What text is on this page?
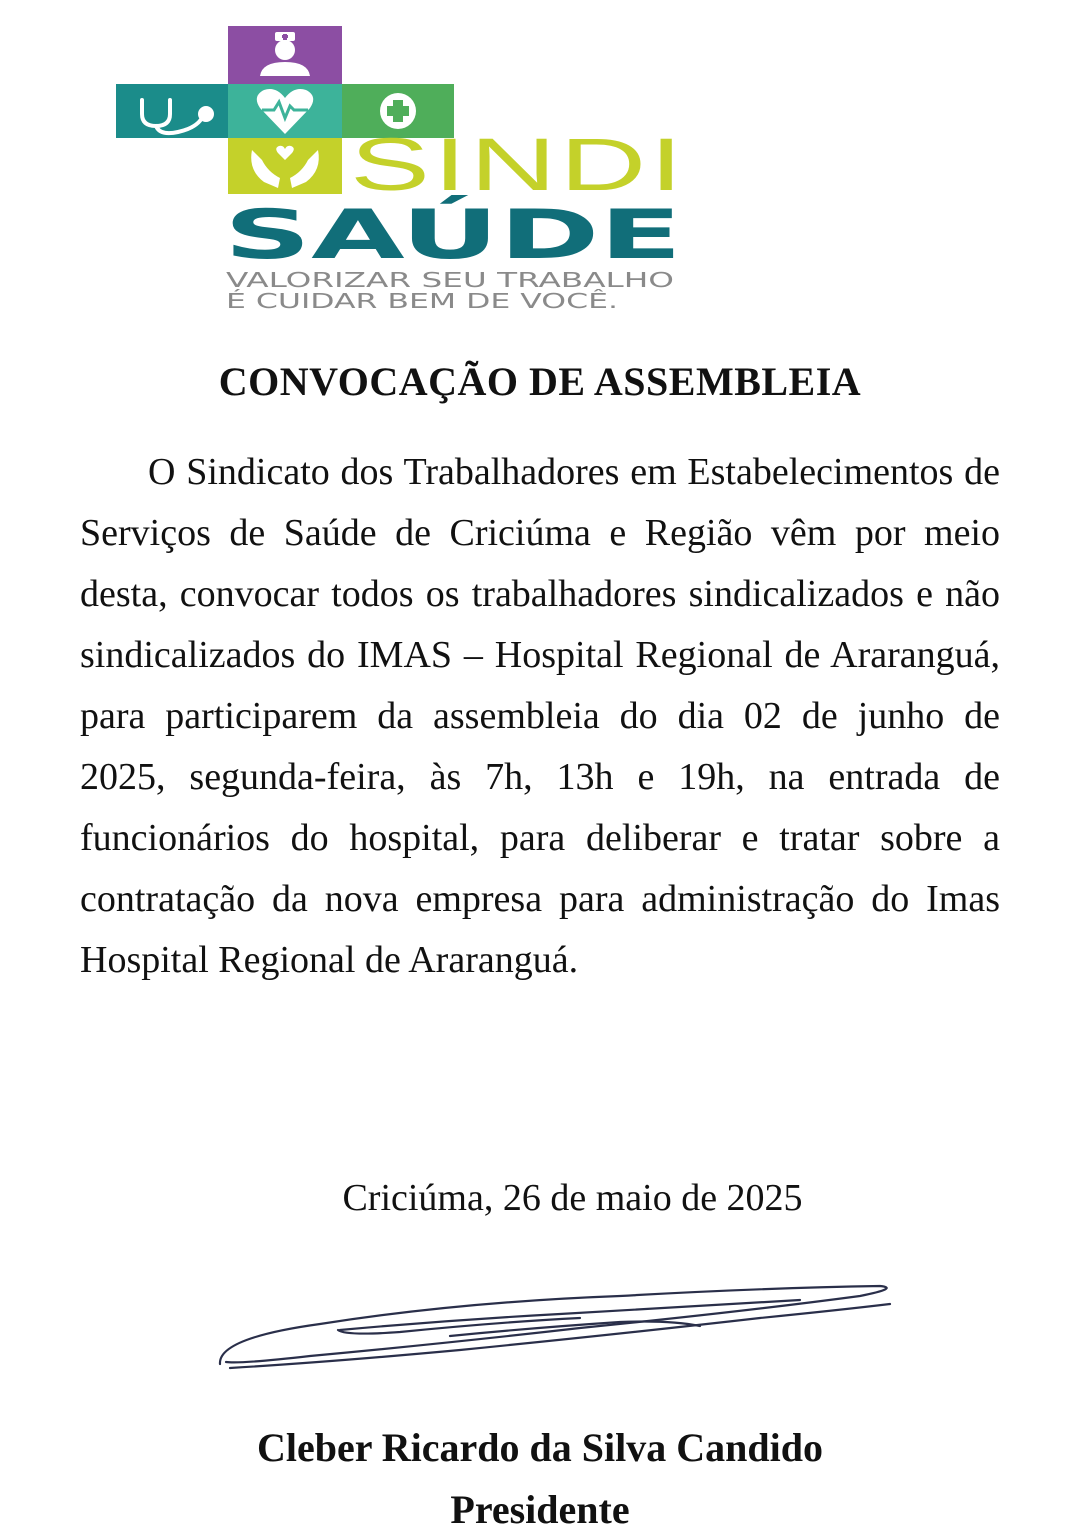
SINDI
SAÚDE
VALORIZAR SEU TRABALHO
É CUIDAR BEM DE VOCÊ.
CONVOCAÇÃO DE ASSEMBLEIA

O Sindicato dos Trabalhadores em Estabelecimentos de Serviços de Saúde de Criciúma e Região vêm por meio desta, convocar todos os trabalhadores sindicalizados e não sindicalizados do IMAS – Hospital Regional de Araranguá, para participarem da assembleia do dia 02 de junho de 2025, segunda-feira, às 7h, 13h e 19h, na entrada de funcionários do hospital, para deliberar e tratar sobre a contratação da nova empresa para administração do Imas Hospital Regional de Araranguá.

Criciúma, 26 de maio de 2025

Cleber Ricardo da Silva Candido

Presidente
